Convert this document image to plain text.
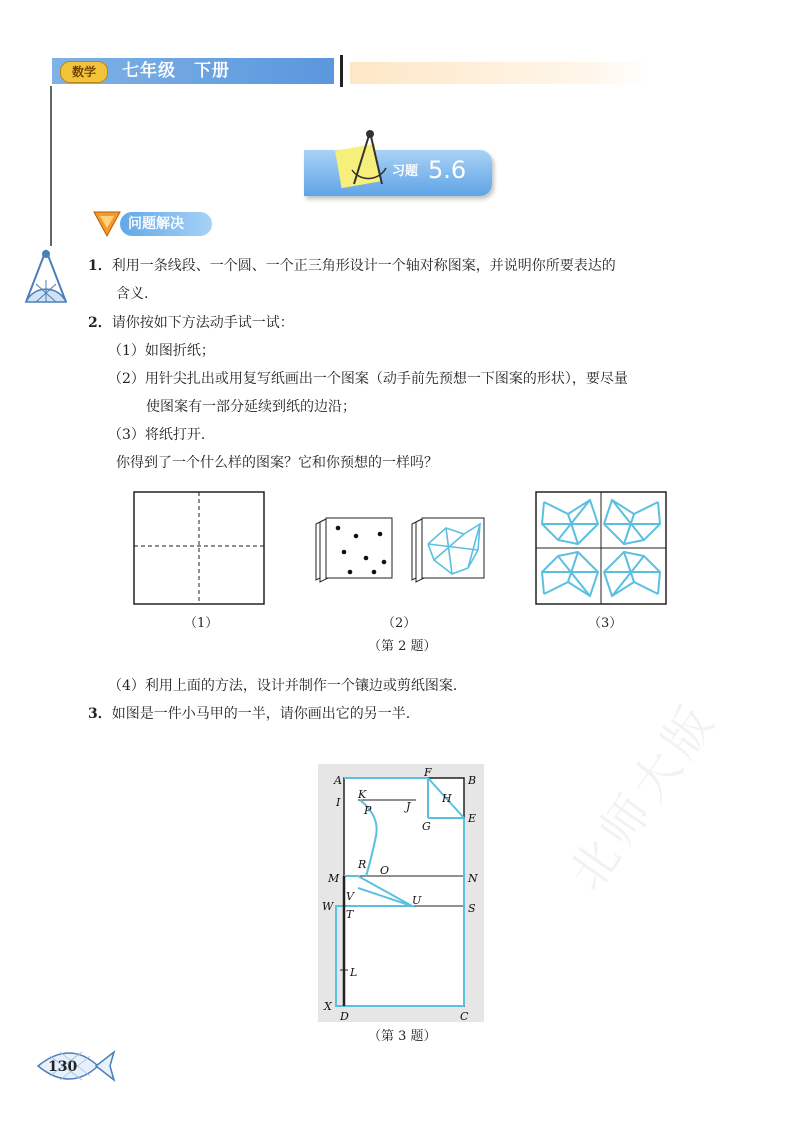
数学	七年级　下册
习题 5.6
问题解决
1．利用一条线段、一个圆、一个正三角形设计一个轴对称图案，并说明你所要表达的
含义.
2．请你按如下方法动手试一试：
（1）如图折纸；
（2）用针尖扎出或用复写纸画出一个图案（动手前先预想一下图案的形状），要尽量
使图案有一部分延续到纸的边沿；
（3）将纸打开.
你得到了一个什么样的图案？它和你预想的一样吗？
（1）	（2）	（3）
（第 2 题）
（4）利用上面的方法，设计并制作一个镶边或剪纸图案.
3．如图是一件小马甲的一半，请你画出它的另一半.
A	B
F
I
K
P	J
H
G
E
R O
M	N
V	U
W
T	S
L
X
D	C
（第 3 题）
130
北师大版
